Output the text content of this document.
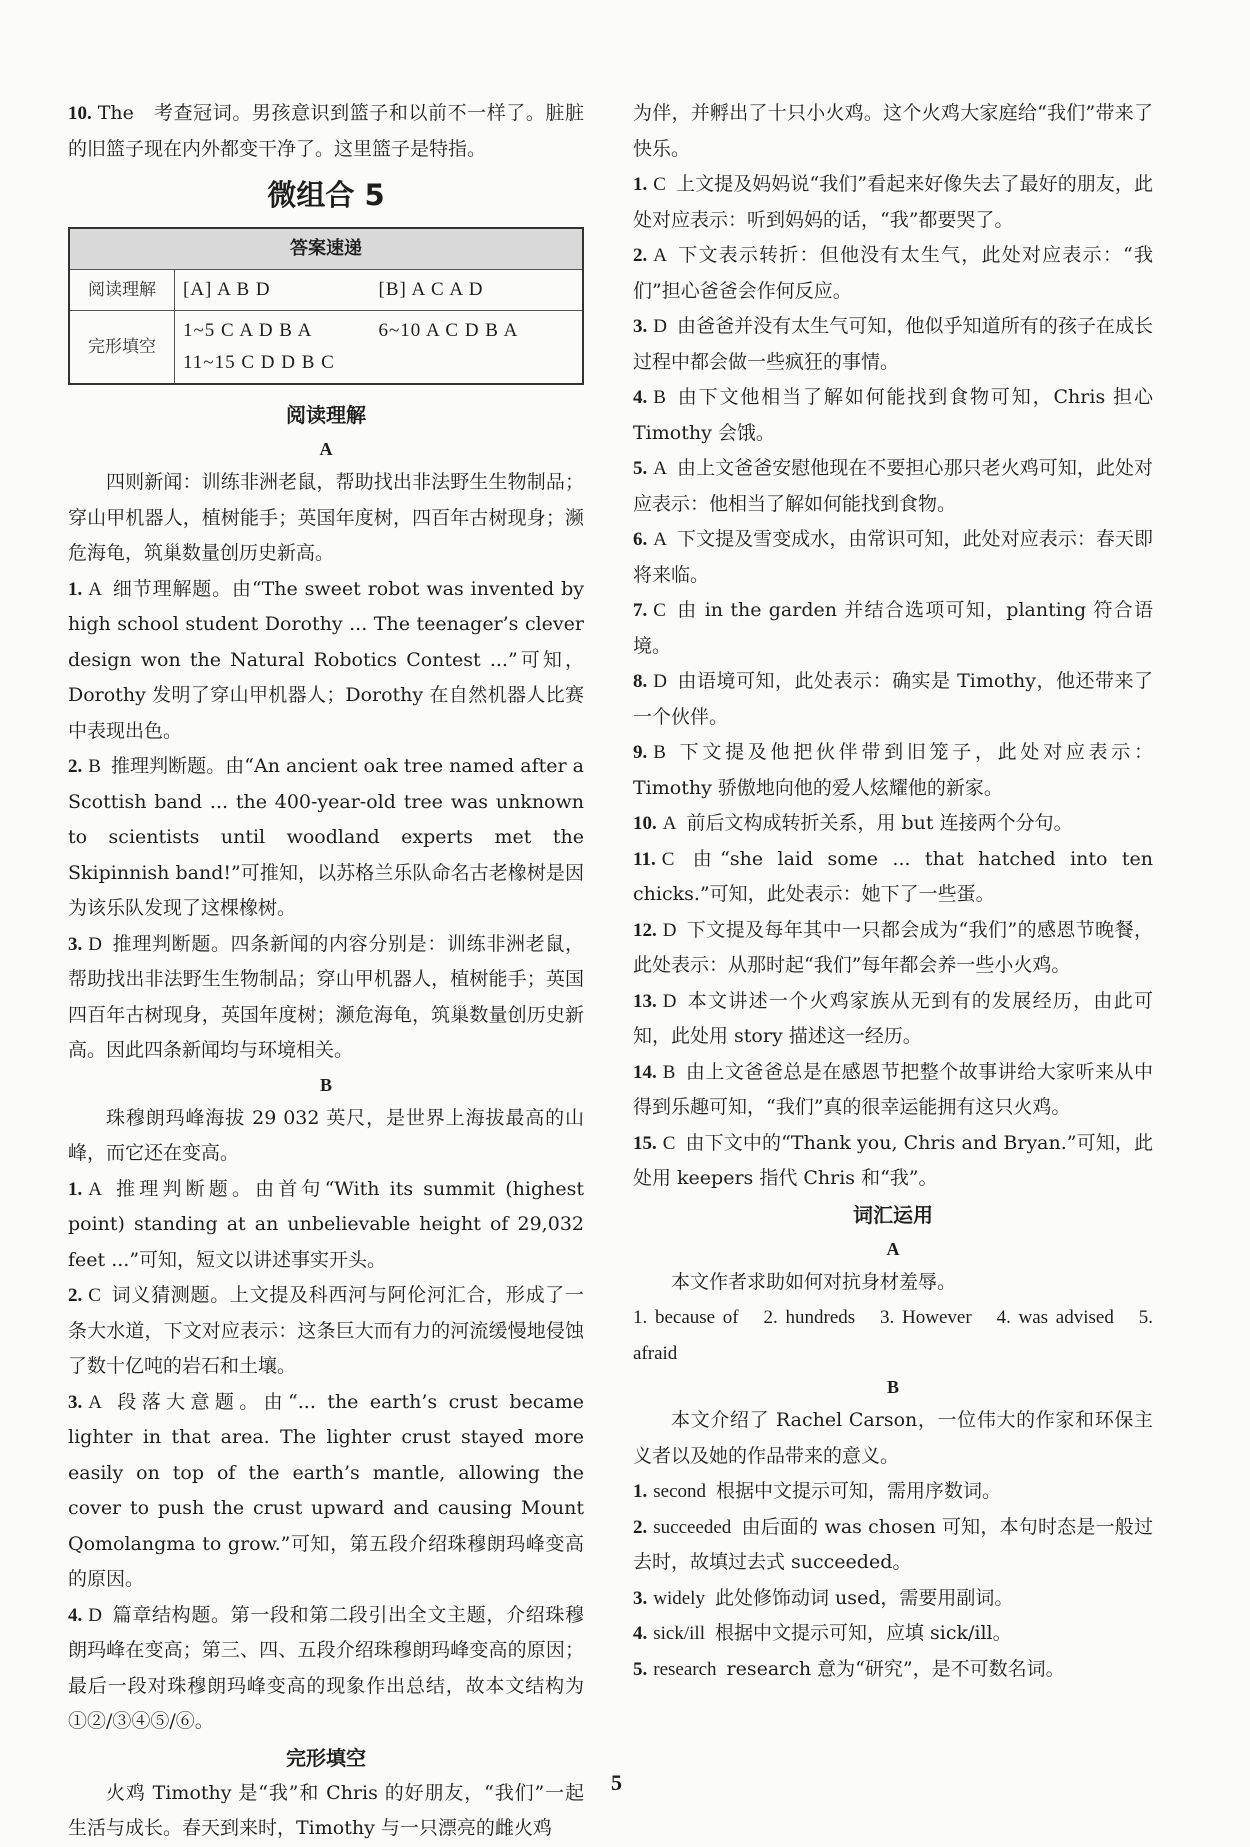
10. The　考查冠词。男孩意识到篮子和以前不一样了。脏脏的旧篮子现在内外都变干净了。这里篮子是特指。

微组合 5
答案速递	
阅读理解	[A] A B D [B] A C A D

完形填空	1~5 C A D B A 6~10 A C D B A
11~15 C D D B C
阅读理解
A

四则新闻：训练非洲老鼠，帮助找出非法野生生物制品；穿山甲机器人，植树能手；英国年度树，四百年古树现身；濒危海龟，筑巢数量创历史新高。

1. A 细节理解题。由“The sweet robot was invented by high school student Dorothy ... The teenager’s clever design won the Natural Robotics Contest ...”可知，Dorothy 发明了穿山甲机器人；Dorothy 在自然机器人比赛中表现出色。

2. B 推理判断题。由“An ancient oak tree named after a Scottish band ... the 400-year-old tree was unknown to scientists until woodland experts met the Skipinnish band!”可推知，以苏格兰乐队命名古老橡树是因为该乐队发现了这棵橡树。

3. D 推理判断题。四条新闻的内容分别是：训练非洲老鼠，帮助找出非法野生生物制品；穿山甲机器人，植树能手；英国四百年古树现身，英国年度树；濒危海龟，筑巢数量创历史新高。因此四条新闻均与环境相关。

B

珠穆朗玛峰海拔 29 032 英尺，是世界上海拔最高的山峰，而它还在变高。

1. A 推理判断题。由首句“With its summit (highest point) standing at an unbelievable height of 29,032 feet ...”可知，短文以讲述事实开头。

2. C 词义猜测题。上文提及科西河与阿伦河汇合，形成了一条大水道，下文对应表示：这条巨大而有力的河流缓慢地侵蚀了数十亿吨的岩石和土壤。

3. A 段落大意题。由“... the earth’s crust became lighter in that area. The lighter crust stayed more easily on top of the earth’s mantle, allowing the cover to push the crust upward and causing Mount Qomolangma to grow.”可知，第五段介绍珠穆朗玛峰变高的原因。

4. D 篇章结构题。第一段和第二段引出全文主题，介绍珠穆朗玛峰在变高；第三、四、五段介绍珠穆朗玛峰变高的原因；最后一段对珠穆朗玛峰变高的现象作出总结，故本文结构为①②/③④⑤/⑥。

完形填空

火鸡 Timothy 是“我”和 Chris 的好朋友，“我们”一起生活与成长。春天到来时，Timothy 与一只漂亮的雌火鸡

为伴，并孵出了十只小火鸡。这个火鸡大家庭给“我们”带来了快乐。

1. C 上文提及妈妈说“我们”看起来好像失去了最好的朋友，此处对应表示：听到妈妈的话，“我”都要哭了。

2. A 下文表示转折：但他没有太生气，此处对应表示：“我们”担心爸爸会作何反应。

3. D 由爸爸并没有太生气可知，他似乎知道所有的孩子在成长过程中都会做一些疯狂的事情。

4. B 由下文他相当了解如何能找到食物可知，Chris 担心 Timothy 会饿。

5. A 由上文爸爸安慰他现在不要担心那只老火鸡可知，此处对应表示：他相当了解如何能找到食物。

6. A 下文提及雪变成水，由常识可知，此处对应表示：春天即将来临。

7. C 由 in the garden 并结合选项可知，planting 符合语境。

8. D 由语境可知，此处表示：确实是 Timothy，他还带来了一个伙伴。

9. B 下文提及他把伙伴带到旧笼子，此处对应表示：Timothy 骄傲地向他的爱人炫耀他的新家。

10. A 前后文构成转折关系，用 but 连接两个分句。

11. C 由“she laid some ... that hatched into ten chicks.”可知，此处表示：她下了一些蛋。

12. D 下文提及每年其中一只都会成为“我们”的感恩节晚餐，此处表示：从那时起“我们”每年都会养一些小火鸡。

13. D 本文讲述一个火鸡家族从无到有的发展经历，由此可知，此处用 story 描述这一经历。

14. B 由上文爸爸总是在感恩节把整个故事讲给大家听来从中得到乐趣可知，“我们”真的很幸运能拥有这只火鸡。

15. C 由下文中的“Thank you, Chris and Bryan.”可知，此处用 keepers 指代 Chris 和“我”。

词汇运用
A

本文作者求助如何对抗身材羞辱。

1. because of　2. hundreds　3. However　4. was advised　5. afraid

B

本文介绍了 Rachel Carson，一位伟大的作家和环保主义者以及她的作品带来的意义。

1. second 根据中文提示可知，需用序数词。

2. succeeded 由后面的 was chosen 可知，本句时态是一般过去时，故填过去式 succeeded。

3. widely 此处修饰动词 used，需要用副词。

4. sick/ill 根据中文提示可知，应填 sick/ill。

5. research research 意为“研究”，是不可数名词。

5
